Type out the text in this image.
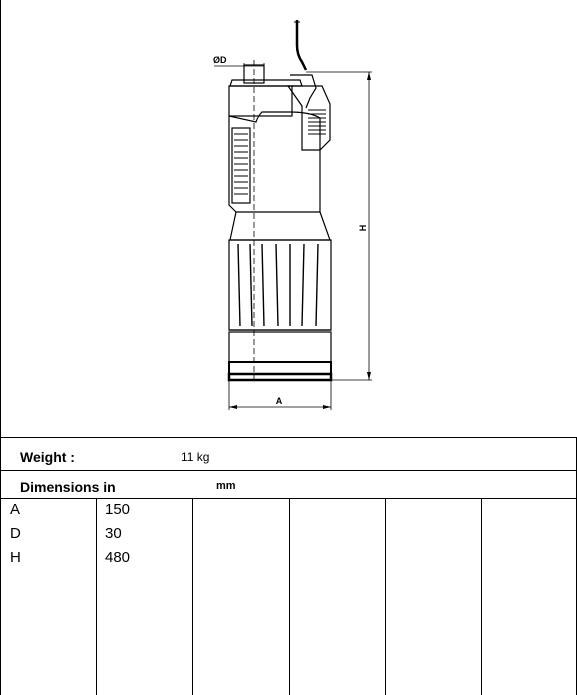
ØD
H
A
Weight :	11 kg
Dimensions in	mm
A	150
D	30
H	480
